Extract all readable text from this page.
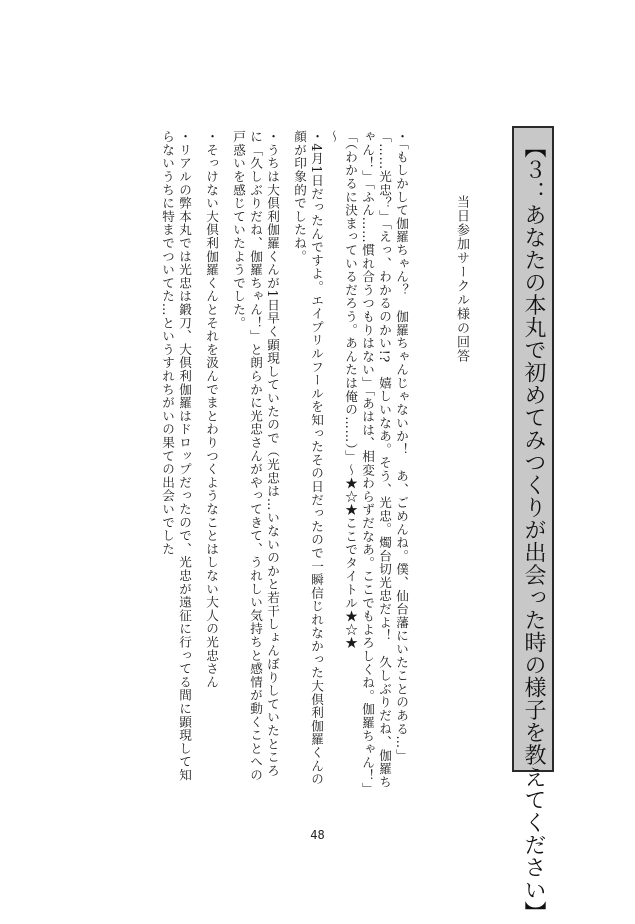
【３：あなたの本丸で初めてみつくりが出会った時の様子を教えてください】
当日参加サークル様の回答

・「もしかして伽羅ちゃん？　伽羅ちゃんじゃないか！　あ、ごめんね。僕、仙台藩にいたことのある…」「……光忠？」「えっ、わかるのかい!?　嬉しいなあ。そう、光忠。燭台切光忠だよ！　久しぶりだね、伽羅ちゃん！」「ふん……慣れ合うつもりはない」「あはは、相変わらずだなあ。ここでもよろしくね。伽羅ちゃん！」「（わかるに決まっているだろう。あんたは俺の……）」～★☆★ここでタイトル★☆★
～

・4月1日だったんですよ。エイプリルフールを知ったその日だったので一瞬信じれなかった大倶利伽羅くんの顔が印象的でしたね。

・うちは大倶利伽羅くんが1日早く顕現していたので（光忠は…いないのかと若干しょんぼりしていたところに「久しぶりだね、伽羅ちゃん！」と朗らかに光忠さんがやってきて、うれしい気持ちと感情が動くことへの戸惑いを感じていたようでした。

・そっけない大倶利伽羅くんとそれを汲んでまとわりつくようなことはしない大人の光忠さん

・リアルの弊本丸では光忠は鍛刀、大倶利伽羅はドロップだったので、光忠が遠征に行ってる間に顕現して知らないうちに特までついてた…というすれちがいの果ての出会いでした

48
